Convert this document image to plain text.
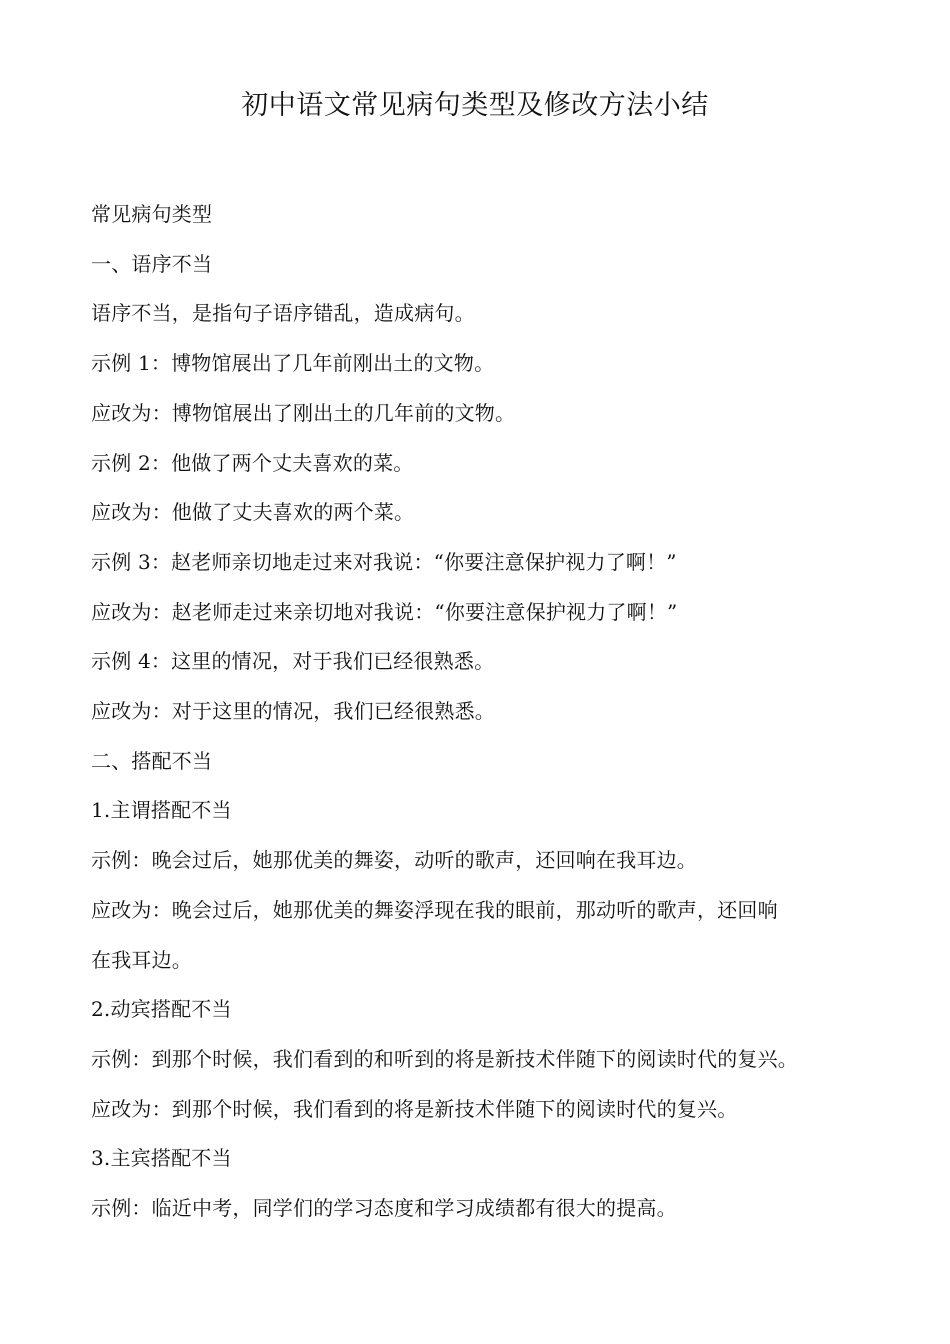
初中语文常见病句类型及修改方法小结
常见病句类型
一、语序不当
语序不当，是指句子语序错乱，造成病句。
示例 1：博物馆展出了几年前刚出土的文物。
应改为：博物馆展出了刚出土的几年前的文物。
示例 2：他做了两个丈夫喜欢的菜。
应改为：他做了丈夫喜欢的两个菜。
示例 3：赵老师亲切地走过来对我说：“你要注意保护视力了啊！”
应改为：赵老师走过来亲切地对我说：“你要注意保护视力了啊！”
示例 4：这里的情况，对于我们已经很熟悉。
应改为：对于这里的情况，我们已经很熟悉。
二、搭配不当
1.主谓搭配不当
示例：晚会过后，她那优美的舞姿，动听的歌声，还回响在我耳边。
应改为：晚会过后，她那优美的舞姿浮现在我的眼前，那动听的歌声，还回响
在我耳边。
2.动宾搭配不当
示例：到那个时候，我们看到的和听到的将是新技术伴随下的阅读时代的复兴。
应改为：到那个时候，我们看到的将是新技术伴随下的阅读时代的复兴。
3.主宾搭配不当
示例：临近中考，同学们的学习态度和学习成绩都有很大的提高。
